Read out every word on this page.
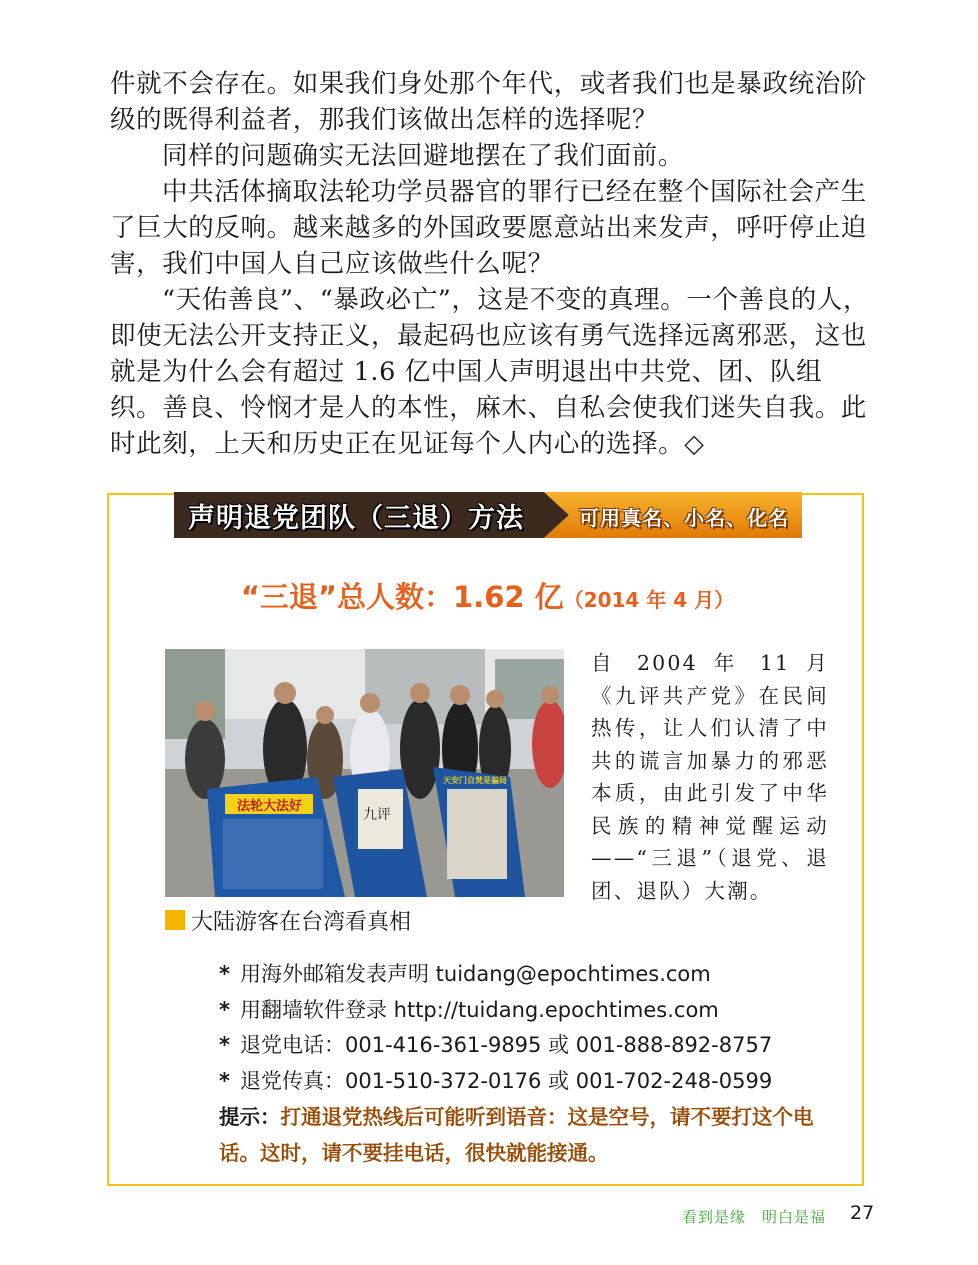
件就不会存在。如果我们身处那个年代，或者我们也是暴政统治阶级的既得利益者，那我们该做出怎样的选择呢？

同样的问题确实无法回避地摆在了我们面前。

中共活体摘取法轮功学员器官的罪行已经在整个国际社会产生了巨大的反响。越来越多的外国政要愿意站出来发声，呼吁停止迫害，我们中国人自己应该做些什么呢？

“天佑善良”、“暴政必亡”，这是不变的真理。一个善良的人，即使无法公开支持正义，最起码也应该有勇气选择远离邪恶，这也就是为什么会有超过 1.6 亿中国人声明退出中共党、团、队组织。善良、怜悯才是人的本性，麻木、自私会使我们迷失自我。此时此刻，上天和历史正在见证每个人内心的选择。◇

声明退党团队（三退）方法	可用真名、小名、化名
“三退”总人数：1.62 亿（2014 年 4 月）
法轮大法好
九评
天安门自焚是骗局
大陆游客在台湾看真相
自 2004 年 11 月《九评共产党》在民间热传，让人们认清了中共的谎言加暴力的邪恶本质，由此引发了中华民族的精神觉醒运动 ——“三退”（退党、退团、退队）大潮。
* 用海外邮箱发表声明 tuidang@epochtimes.com
* 用翻墙软件登录 http://tuidang.epochtimes.com
* 退党电话：001-416-361-9895 或 001-888-892-8757
* 退党传真：001-510-372-0176 或 001-702-248-0599
提示：打通退党热线后可能听到语音：这是空号，请不要打这个电话。这时，请不要挂电话，很快就能接通。
看到是缘　明白是福 27
